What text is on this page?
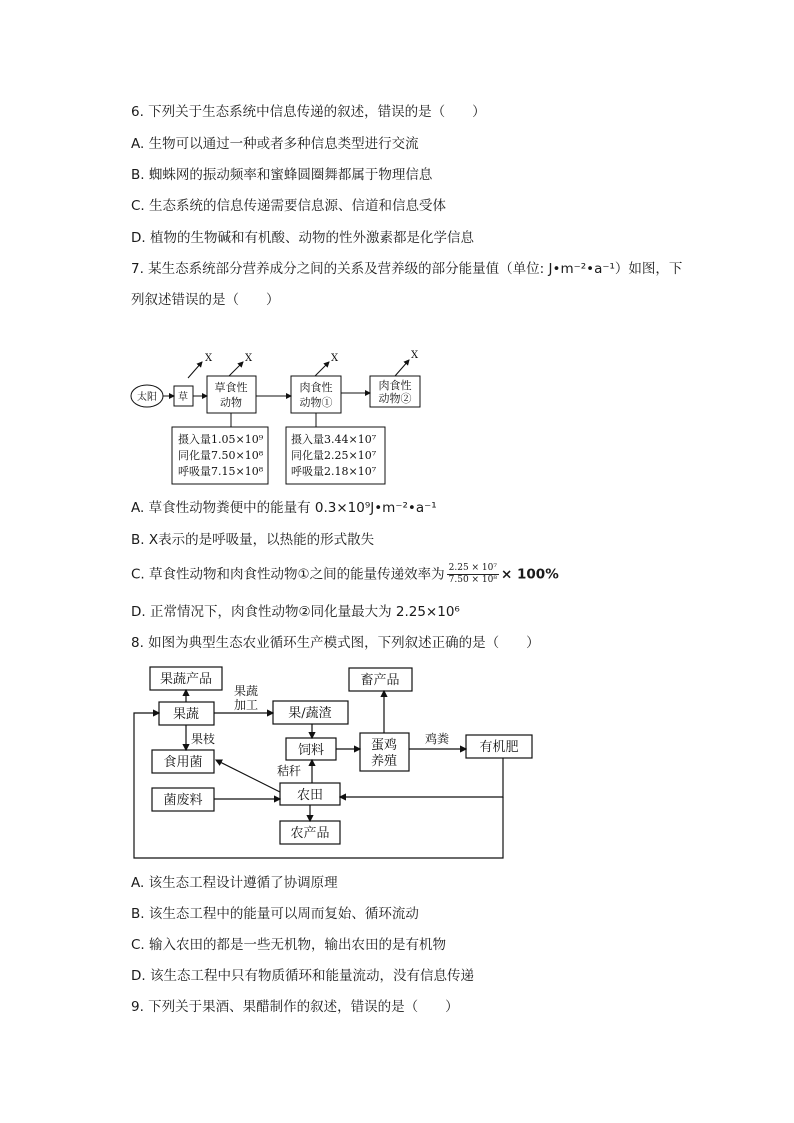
6. 下列关于生态系统中信息传递的叙述，错误的是（　　）
A. 生物可以通过一种或者多种信息类型进行交流
B. 蜘蛛网的振动频率和蜜蜂圆圈舞都属于物理信息
C. 生态系统的信息传递需要信息源、信道和信息受体
D. 植物的生物碱和有机酸、动物的性外激素都是化学信息
7. 某生态系统部分营养成分之间的关系及营养级的部分能量值（单位: J•m⁻²•a⁻¹）如图，下
列叙述错误的是（　　）
太阳 草
草食性
动物
肉食性
动物①
肉食性
动物②
X	X	X	X
摄入量1.05×10⁹
同化量7.50×10⁸
呼吸量7.15×10⁸
摄入量3.44×10⁷
同化量2.25×10⁷
呼吸量2.18×10⁷
A. 草食性动物粪便中的能量有 0.3×10⁹J•m⁻²•a⁻¹
B. X表示的是呼吸量，以热能的形式散失
C. 草食性动物和肉食性动物①之间的能量传递效率为 $\frac{\text{2.25 × 10⁷}}{\text{7.50 × 10⁸}} \times 100\%$
D. 正常情况下，肉食性动物②同化量最大为 2.25×10⁶
8. 如图为典型生态农业循环生产模式图，下列叙述正确的是（　　）
果蔬产品
果蔬
果蔬
加工
果/蔬渣
畜产品
果枝
食用菌
饲料	蛋鸡
养殖
鸡粪
有机肥
秸秆
菌废料	农田
农产品
A. 该生态工程设计遵循了协调原理
B. 该生态工程中的能量可以周而复始、循环流动
C. 输入农田的都是一些无机物，输出农田的是有机物
D. 该生态工程中只有物质循环和能量流动，没有信息传递
9. 下列关于果酒、果醋制作的叙述，错误的是（　　）
